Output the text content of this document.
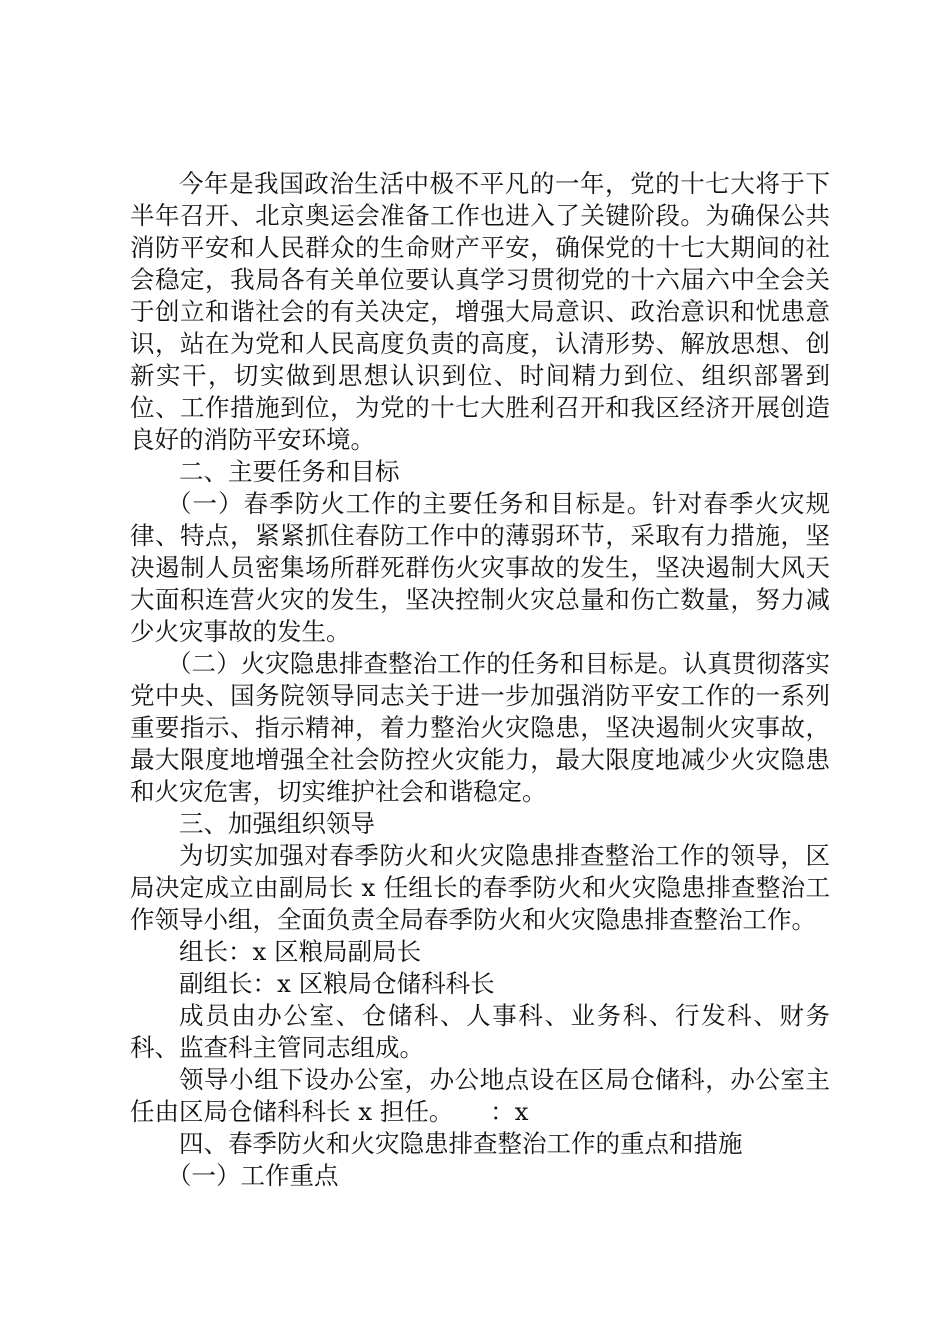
今年是我国政治生活中极不平凡的一年，党的十七大将于下半年召开、北京奥运会准备工作也进入了关键阶段。为确保公共消防平安和人民群众的生命财产平安，确保党的十七大期间的社会稳定，我局各有关单位要认真学习贯彻党的十六届六中全会关于创立和谐社会的有关决定，增强大局意识、政治意识和忧患意识，站在为党和人民高度负责的高度，认清形势、解放思想、创新实干，切实做到思想认识到位、时间精力到位、组织部署到位、工作措施到位，为党的十七大胜利召开和我区经济开展创造良好的消防平安环境。

二、主要任务和目标

（一）春季防火工作的主要任务和目标是。针对春季火灾规律、特点，紧紧抓住春防工作中的薄弱环节，采取有力措施，坚决遏制人员密集场所群死群伤火灾事故的发生，坚决遏制大风天大面积连营火灾的发生，坚决控制火灾总量和伤亡数量，努力减少火灾事故的发生。

（二）火灾隐患排查整治工作的任务和目标是。认真贯彻落实党中央、国务院领导同志关于进一步加强消防平安工作的一系列重要指示、指示精神，着力整治火灾隐患，坚决遏制火灾事故，最大限度地增强全社会防控火灾能力，最大限度地减少火灾隐患和火灾危害，切实维护社会和谐稳定。

三、加强组织领导

为切实加强对春季防火和火灾隐患排查整治工作的领导，区局决定成立由副局长 x 任组长的春季防火和火灾隐患排查整治工作领导小组，全面负责全局春季防火和火灾隐患排查整治工作。

组长：x 区粮局副局长

副组长：x 区粮局仓储科科长

成员由办公室、仓储科、人事科、业务科、行发科、财务科、监查科主管同志组成。

领导小组下设办公室，办公地点设在区局仓储科，办公室主任由区局仓储科科长 x 担任。　　：x

四、春季防火和火灾隐患排查整治工作的重点和措施

（一）工作重点
